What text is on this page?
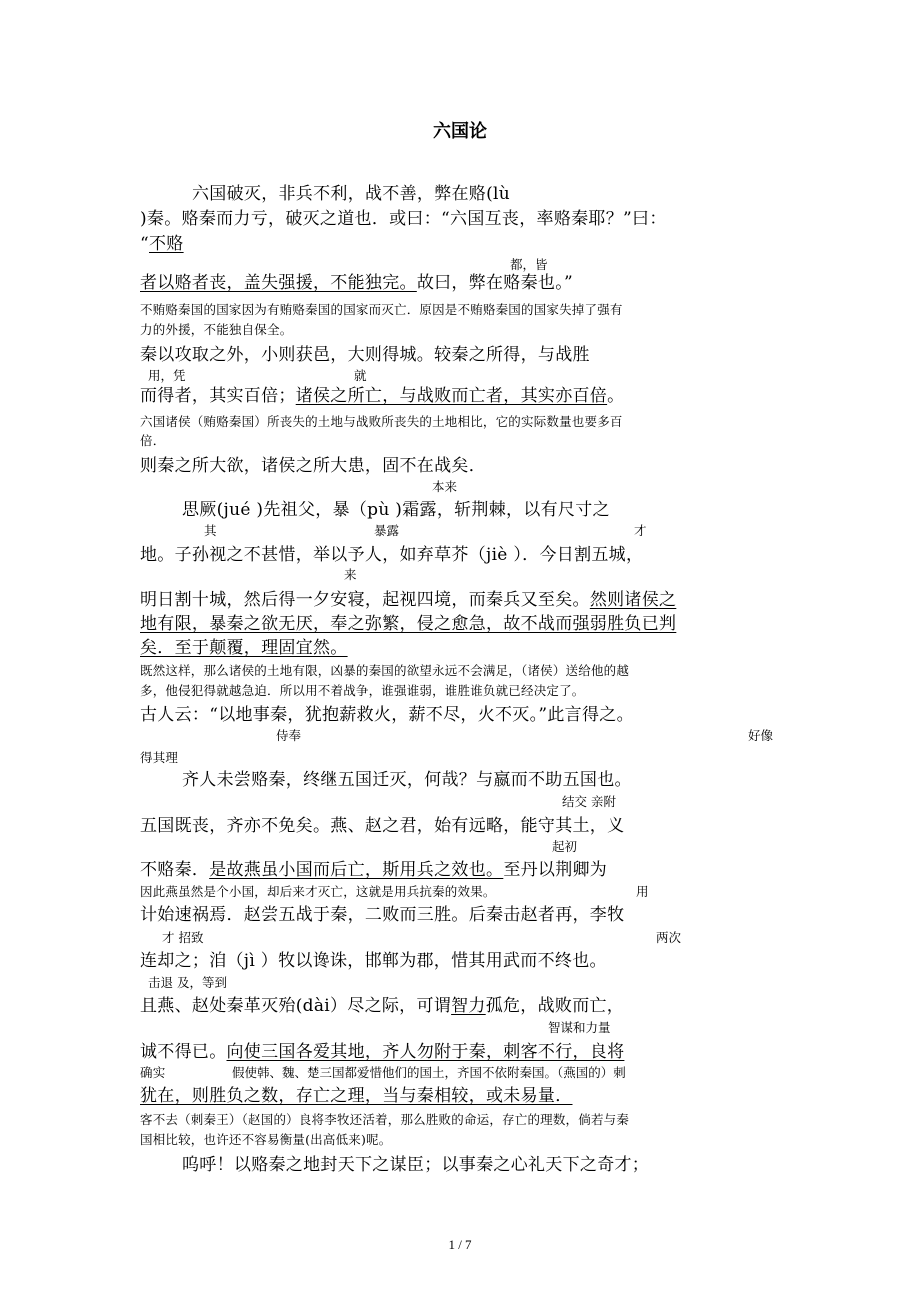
六国论
六国破灭，非兵不利，战不善，弊在赂(lù
)秦。赂秦而力亏，破灭之道也．或曰：“六国互丧，率赂秦耶？”曰：
“不赂
都，皆
者以赂者丧，盖失强援，不能独完。故曰，弊在赂秦也。”
不贿赂秦国的国家因为有贿赂秦国的国家而灭亡．原因是不贿赂秦国的国家失掉了强有
力的外援，不能独自保全。
秦以攻取之外，小则获邑，大则得城。较秦之所得，与战胜
用，凭	就
而得者，其实百倍；诸侯之所亡，与战败而亡者，其实亦百倍。
六国诸侯（贿赂秦国）所丧失的土地与战败所丧失的土地相比，它的实际数量也要多百
倍．
则秦之所大欲，诸侯之所大患，固不在战矣．
本来
思厥(jué )先祖父，暴（pù )霜露，斩荆棘，以有尺寸之
其	暴露	才
地。子孙视之不甚惜，举以予人，如弃草芥（jiè ）．今日割五城，
来
明日割十城，然后得一夕安寝，起视四境，而秦兵又至矣。然则诸侯之
地有限，暴秦之欲无厌，奉之弥繁，侵之愈急，故不战而强弱胜负已判
矣．至于颠覆，理固宜然。
既然这样，那么诸侯的土地有限，凶暴的秦国的欲望永远不会满足，（诸侯）送给他的越
多，他侵犯得就越急迫．所以用不着战争，谁强谁弱，谁胜谁负就已经决定了。
古人云：“以地事秦，犹抱薪救火，薪不尽，火不灭。”此言得之。
侍奉	好像
得其理
齐人未尝赂秦，终继五国迁灭，何哉？与嬴而不助五国也。
结交 亲附
五国既丧，齐亦不免矣。燕、赵之君，始有远略，能守其土，义
起初
不赂秦．是故燕虽小国而后亡，斯用兵之效也。至丹以荆卿为
因此燕虽然是个小国，却后来才灭亡，这就是用兵抗秦的效果。	用
计始速祸焉．赵尝五战于秦，二败而三胜。后秦击赵者再，李牧
才 招致	两次
连却之；洎（jì ）牧以谗诛，邯郸为郡，惜其用武而不终也。
击退 及，等到
且燕、赵处秦革灭殆(dài）尽之际，可谓智力孤危，战败而亡，
智谋和力量
诚不得已。向使三国各爱其地，齐人勿附于秦，刺客不行，良将
确实	假使韩、魏、楚三国都爱惜他们的国土，齐国不依附秦国。（燕国的）刺
犹在，则胜负之数，存亡之理，当与秦相较，或未易量．
客不去（刺秦王）（赵国的）良将李牧还活着，那么胜败的命运，存亡的理数，倘若与秦
国相比较，也许还不容易衡量(出高低来)呢。
呜呼！以赂秦之地封天下之谋臣；以事秦之心礼天下之奇才；
1 / 7
